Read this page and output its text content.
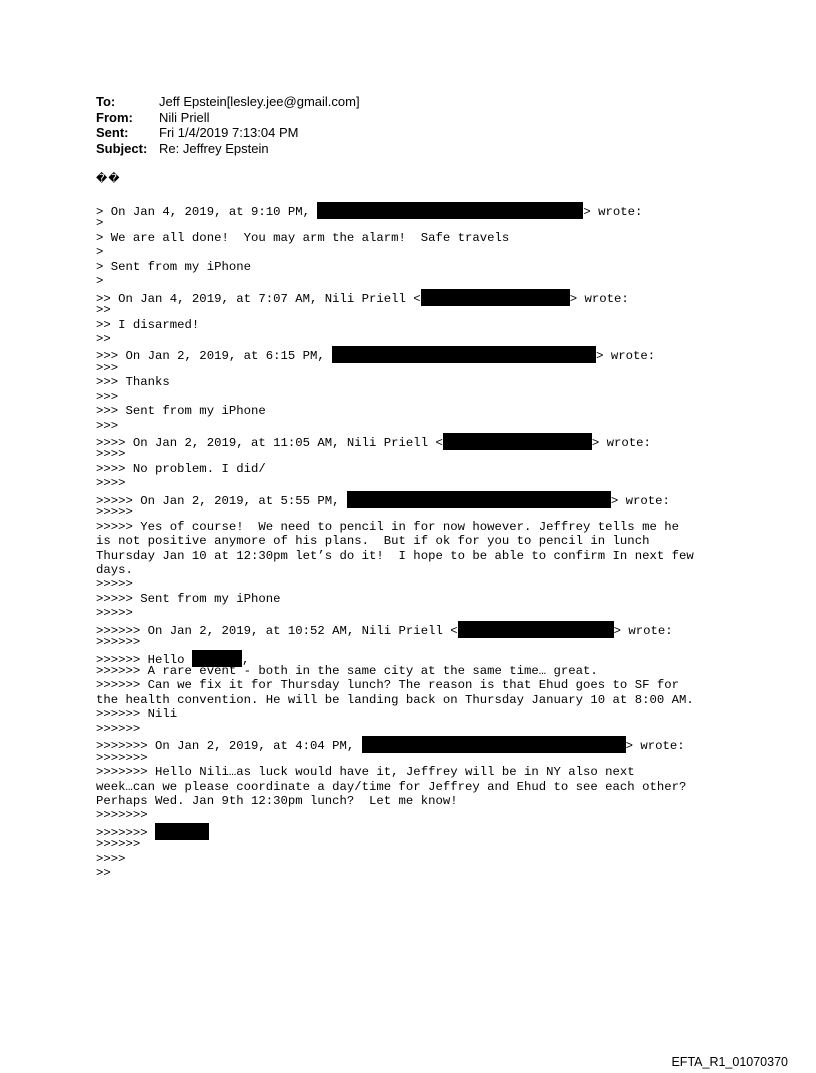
To:	Jeff Epstein[lesley.jee@gmail.com]
From:	Nili Priell
Sent:	Fri 1/4/2019 7:13:04 PM
Subject: Re: Jeffrey Epstein
��
> On Jan 4, 2019, at 9:10 PM,	> wrote:
>
> We are all done!  You may arm the alarm!  Safe travels
>
> Sent from my iPhone
>
>> On Jan 4, 2019, at 7:07 AM, Nili Priell <	> wrote:
>>
>> I disarmed!
>>
>>> On Jan 2, 2019, at 6:15 PM,	> wrote:
>>>
>>> Thanks
>>>
>>> Sent from my iPhone
>>>
>>>> On Jan 2, 2019, at 11:05 AM, Nili Priell <	> wrote:
>>>>
>>>> No problem. I did/
>>>>
>>>>> On Jan 2, 2019, at 5:55 PM,	> wrote:
>>>>>
>>>>> Yes of course!  We need to pencil in for now however. Jeffrey tells me he
is not positive anymore of his plans.  But if ok for you to pencil in lunch
Thursday Jan 10 at 12:30pm let’s do it!  I hope to be able to confirm In next few
days.
>>>>>
>>>>> Sent from my iPhone
>>>>>
>>>>>> On Jan 2, 2019, at 10:52 AM, Nili Priell <	> wrote:
>>>>>>
>>>>>> Hello	,
>>>>>> A rare event - both in the same city at the same time… great.
>>>>>> Can we fix it for Thursday lunch? The reason is that Ehud goes to SF for
the health convention. He will be landing back on Thursday January 10 at 8:00 AM.
>>>>>> Nili
>>>>>>
>>>>>>> On Jan 2, 2019, at 4:04 PM,	> wrote:
>>>>>>>
>>>>>>> Hello Nili…as luck would have it, Jeffrey will be in NY also next
week…can we please coordinate a day/time for Jeffrey and Ehud to see each other?
Perhaps Wed. Jan 9th 12:30pm lunch?  Let me know!
>>>>>>>
>>>>>>>
>>>>>>
>>>>
>>
EFTA_R1_01070370
